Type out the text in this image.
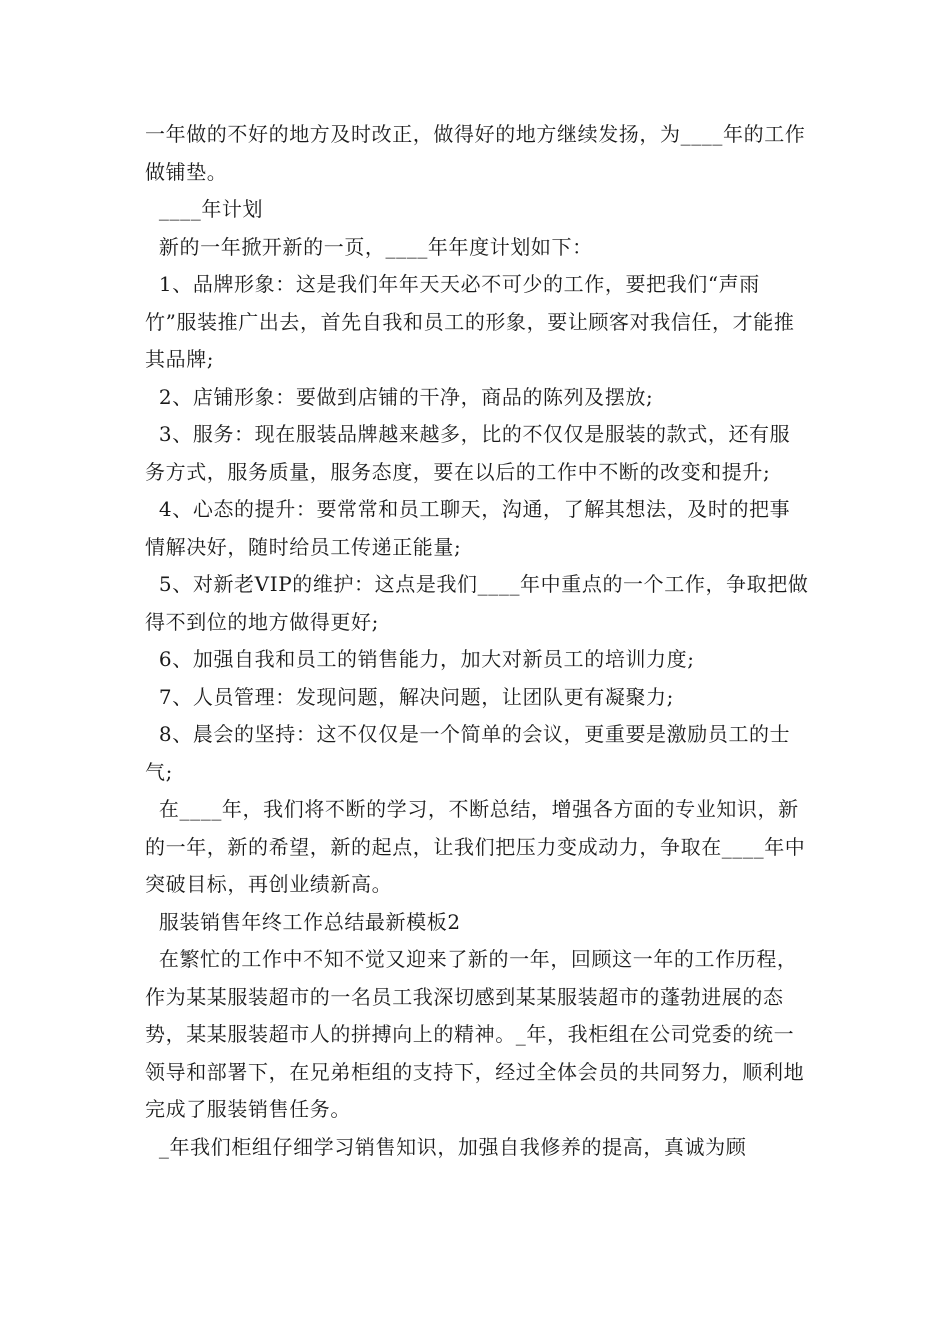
一年做的不好的地方及时改正，做得好的地方继续发扬，为____年的工作做铺垫。

____年计划

新的一年掀开新的一页，____年年度计划如下：

1、品牌形象：这是我们年年天天必不可少的工作，要把我们“声雨竹”服装推广出去，首先自我和员工的形象，要让顾客对我信任，才能推其品牌;

2、店铺形象：要做到店铺的干净，商品的陈列及摆放;

3、服务：现在服装品牌越来越多，比的不仅仅是服装的款式，还有服务方式，服务质量，服务态度，要在以后的工作中不断的改变和提升;

4、心态的提升：要常常和员工聊天，沟通，了解其想法，及时的把事情解决好，随时给员工传递正能量;

5、对新老VIP的维护：这点是我们____年中重点的一个工作，争取把做得不到位的地方做得更好;

6、加强自我和员工的销售能力，加大对新员工的培训力度;

7、人员管理：发现问题，解决问题，让团队更有凝聚力;

8、晨会的坚持：这不仅仅是一个简单的会议，更重要是激励员工的士气;

在____年，我们将不断的学习，不断总结，增强各方面的专业知识，新的一年，新的希望，新的起点，让我们把压力变成动力，争取在____年中突破目标，再创业绩新高。

服装销售年终工作总结最新模板2

在繁忙的工作中不知不觉又迎来了新的一年，回顾这一年的工作历程，作为某某服装超市的一名员工我深切感到某某服装超市的蓬勃进展的态势，某某服装超市人的拼搏向上的精神。_年，我柜组在公司党委的统一领导和部署下，在兄弟柜组的支持下，经过全体会员的共同努力，顺利地完成了服装销售任务。

_年我们柜组仔细学习销售知识，加强自我修养的提高，真诚为顾
